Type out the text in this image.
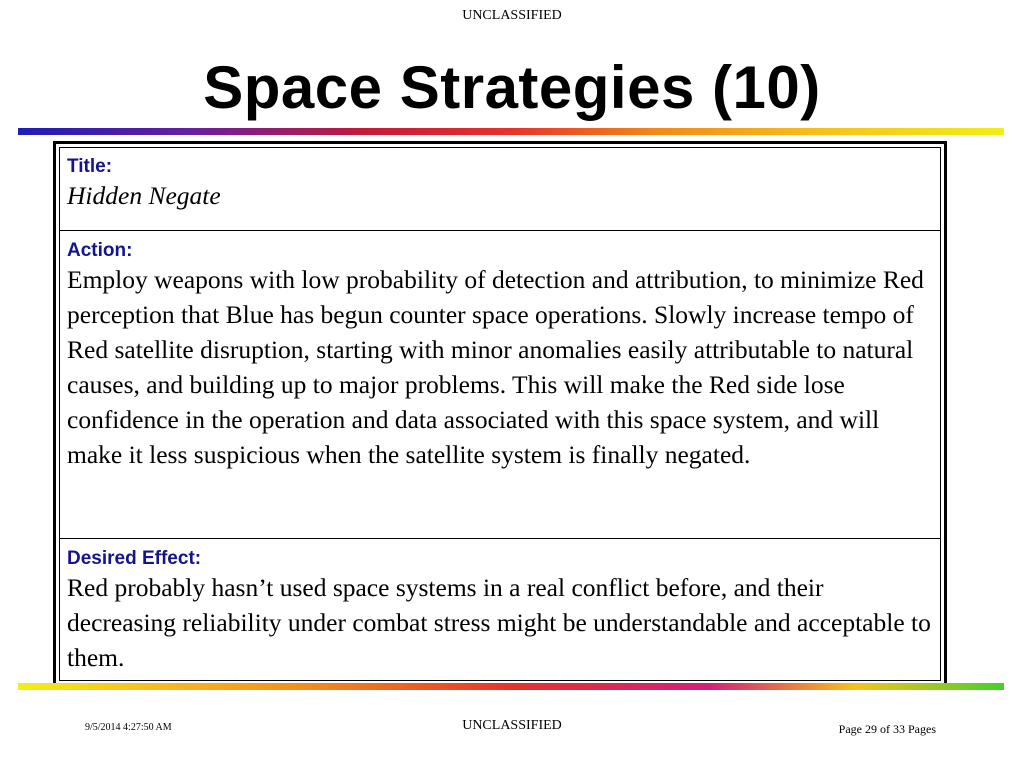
UNCLASSIFIED
Space Strategies (10)
Title:
Hidden Negate
Action:
Employ weapons with low probability of detection and attribution, to minimize Red perception that Blue has begun counter space operations. Slowly increase tempo of Red satellite disruption, starting with minor anomalies easily attributable to natural causes, and building up to major problems. This will make the Red side lose confidence in the operation and data associated with this space system, and will make it less suspicious when the satellite system is finally negated.
Desired Effect:
Red probably hasn’t used space systems in a real conflict before, and their decreasing reliability under combat stress might be understandable and acceptable to them.
9/5/2014 4:27:50 AM	UNCLASSIFIED	Page 29 of 33 Pages
